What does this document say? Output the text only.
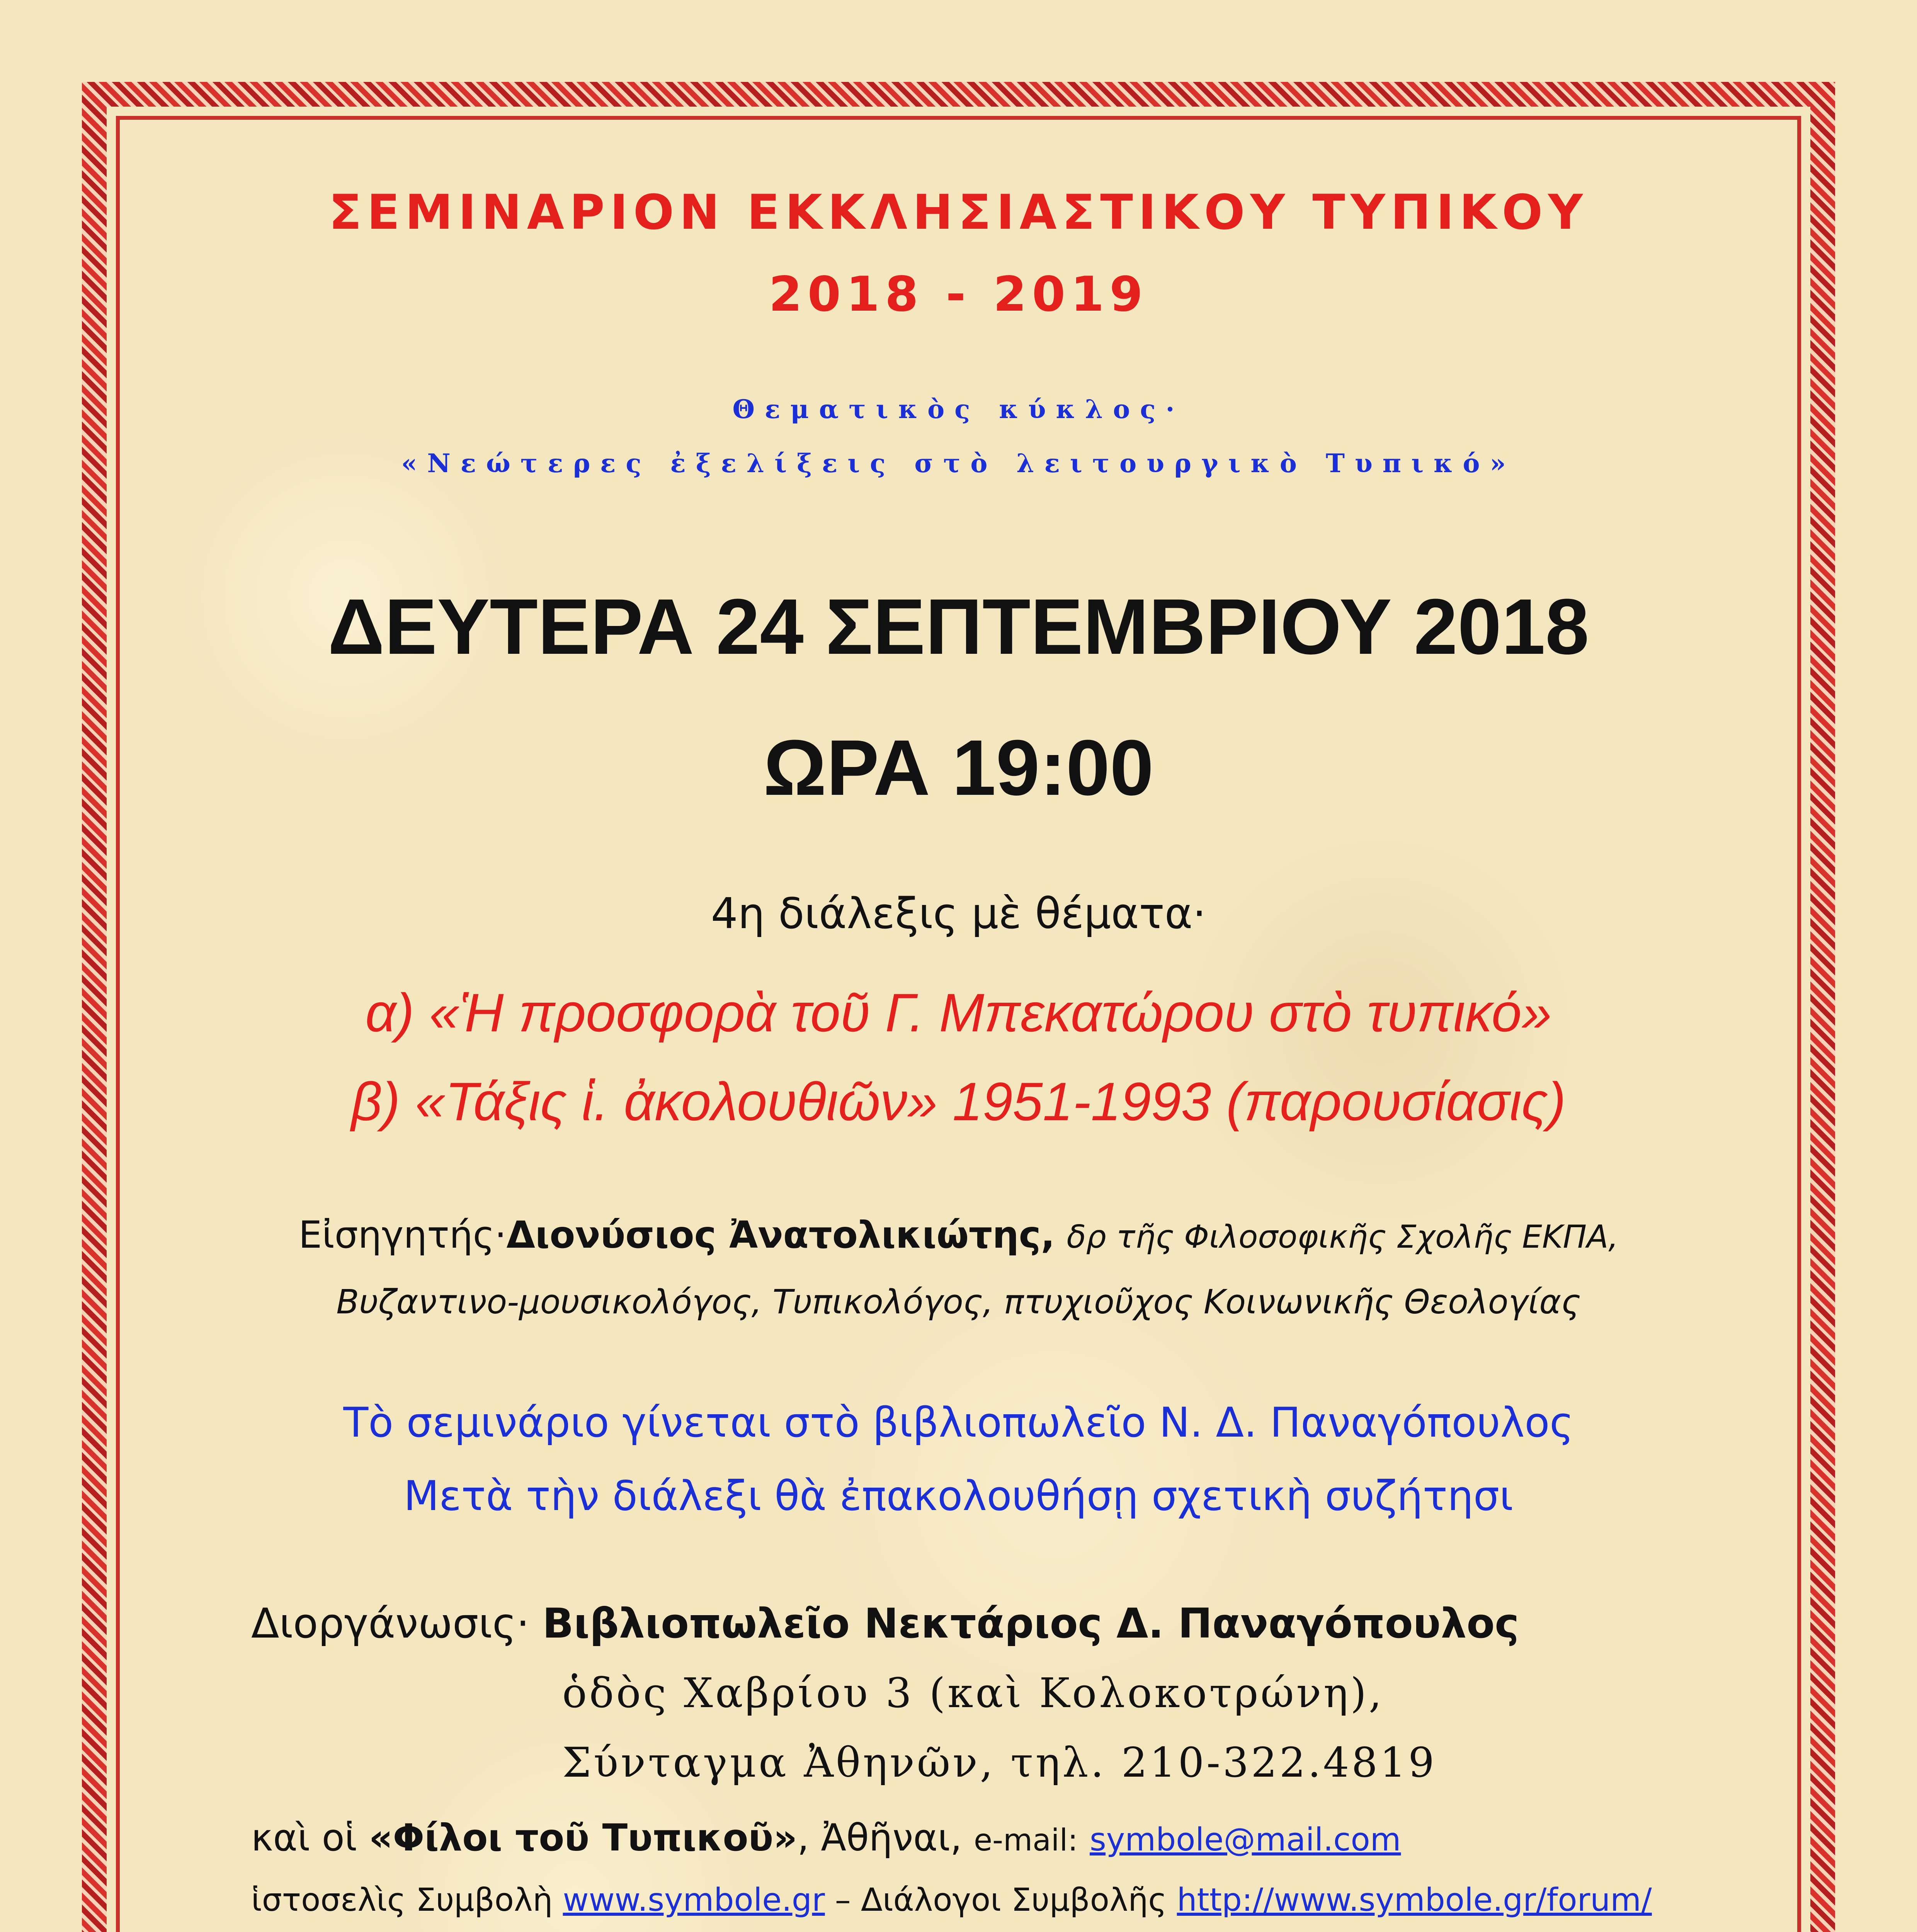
ΣΕΜΙΝΑΡΙΟΝ ΕΚΚΛΗΣΙΑΣΤΙΚΟΥ ΤΥΠΙΚΟΥ
2018 - 2019
Θεματικὸς κύκλος·
«Νεώτερες ἐξελίξεις στὸ λειτουργικὸ Τυπικό»
ΔΕΥΤΕΡΑ 24 ΣΕΠΤΕΜΒΡΙΟΥ 2018
ΩΡΑ 19:00
4η διάλεξις μὲ θέματα·
α) «Ἡ προσφορὰ τοῦ Γ. Μπεκατώρου στὸ τυπικό»
β) «Τάξις ἱ. ἀκολουθιῶν» 1951-1993 (παρουσίασις)
Εἰσηγητής·Διονύσιος Ἀνατολικιώτης, δρ τῆς Φιλοσοφικῆς Σχολῆς ΕΚΠΑ,
Βυζαντινο-μουσικολόγος, Τυπικολόγος, πτυχιοῦχος Κοινωνικῆς Θεολογίας
Τὸ σεμινάριο γίνεται στὸ βιβλιοπωλεῖο Ν. Δ. Παναγόπουλος
Μετὰ τὴν διάλεξι θὰ ἐπακολουθήσῃ σχετικὴ συζήτησι
Διοργάνωσις· Βιβλιοπωλεῖο Νεκτάριος Δ. Παναγόπουλος
ὁδὸς Χαβρίου 3 (καὶ Κολοκοτρώνη),
Σύνταγμα Ἀθηνῶν, τηλ. 210-322.4819
καὶ οἱ «Φίλοι τοῦ Τυπικοῦ», Ἀθῆναι, e-mail: symbole@mail.com
ἱστοσελὶς Συμβολὴ www.symbole.gr – Διάλογοι Συμβολῆς http://www.symbole.gr/forum/
